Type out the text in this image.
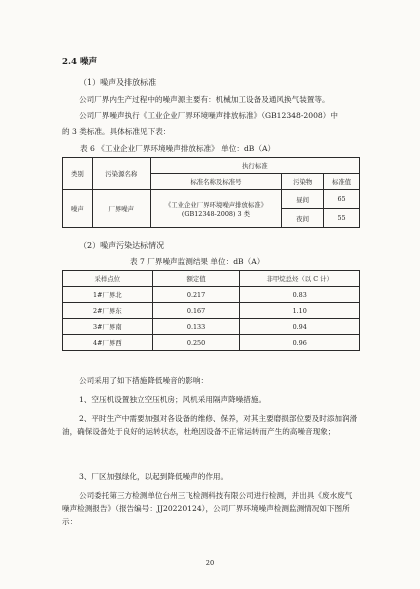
2.4 噪声
（1）噪声及排放标准
公司厂界内生产过程中的噪声源主要有：机械加工设备及通风换气装置等。
公司厂界噪声执行《工业企业厂界环境噪声排放标准》（GB12348-2008）中
的 3 类标准。具体标准见下表：
表 6 《工业企业厂界环境噪声排放标准》 单位：dB（A）
类别	污染源名称	执行标准		
		标准名称及标准号	污染物	标准值
噪声	厂界噪声	《工业企业厂界环境噪声排放标准》
(GB12348-2008) 3 类	昼间	65
			夜间	55
（2）噪声污染达标情况
表 7 厂界噪声监测结果 单位：dB（A）
采样点位	额定值	非甲烷总烃（以 C 计）
1#厂界北	0.217	0.83
2#厂界东	0.167	1.10
3#厂界南	0.133	0.94
4#厂界西	0.250	0.96
公司采用了如下措施降低噪音的影响：
1、空压机设置独立空压机房；风机采用隔声降噪措施。
2、平时生产中需要加强对各设备的维修、保养，对其主要磨损部位要及时添加润滑油，确保设备处于良好的运转状态，杜绝因设备不正常运转而产生的高噪音现象；
3、厂区加强绿化，以起到降低噪声的作用。
公司委托第三方检测单位台州三飞检测科技有限公司进行检测，并出具《废水废气噪声检测报告》（报告编号：JJ20220124），公司厂界环境噪声检测监测情况如下图所示：
20
